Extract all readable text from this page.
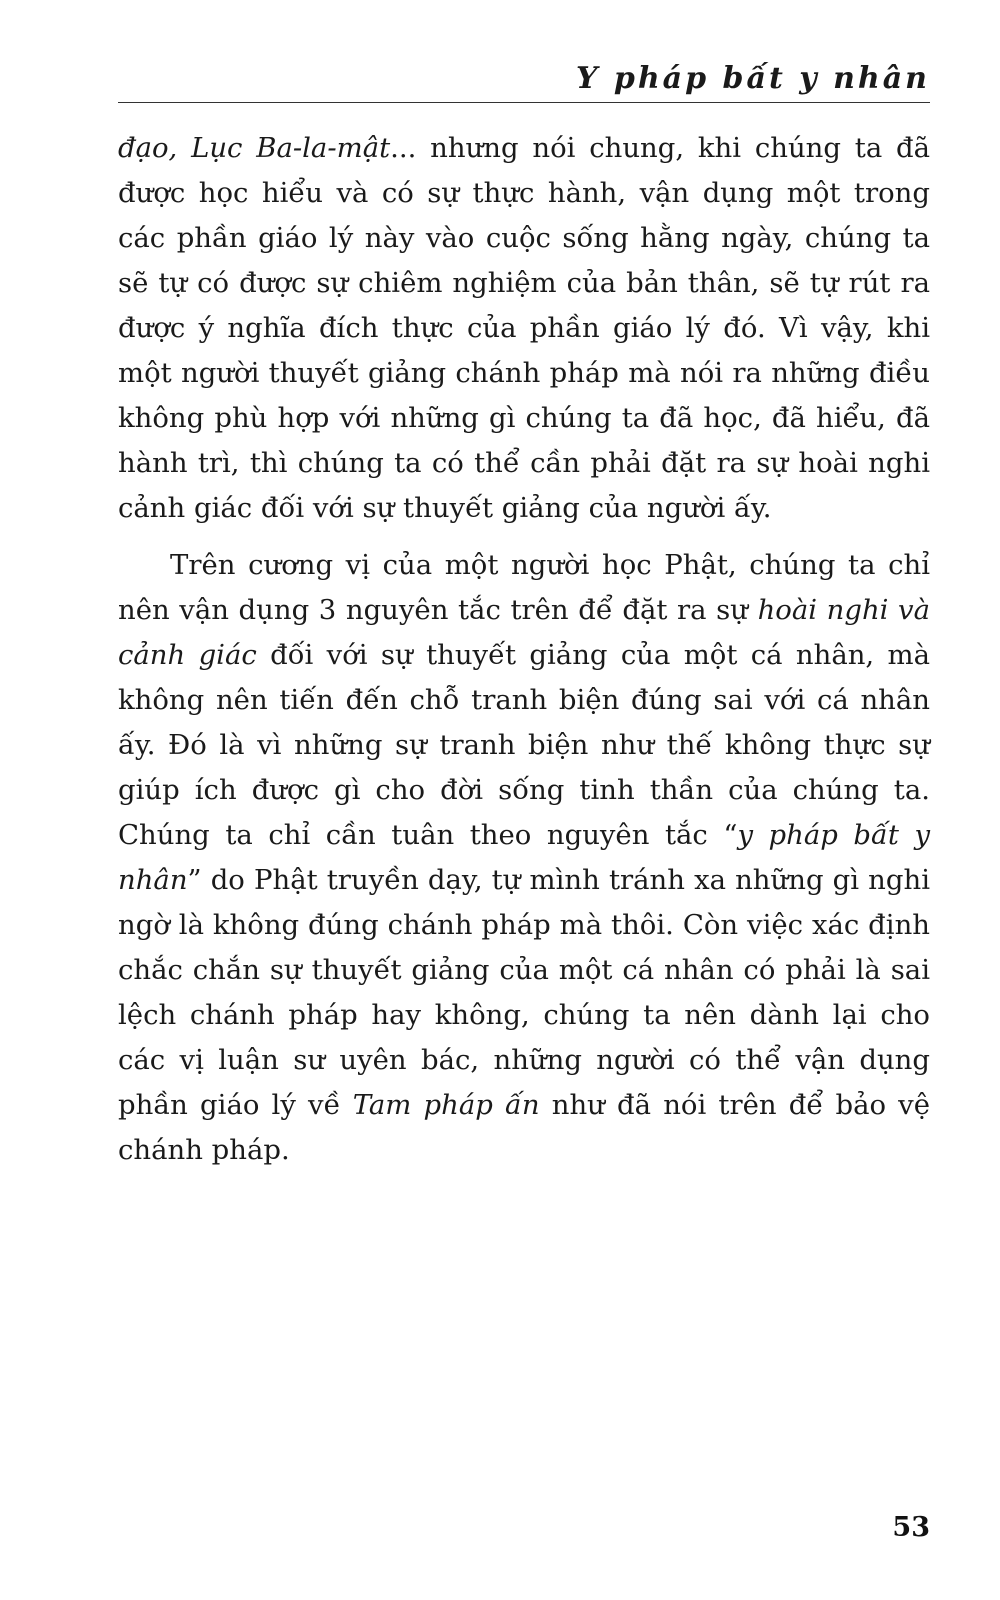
Y pháp bất y nhân

đạo, Lục Ba-la-mật... nhưng nói chung, khi chúng ta đã được học hiểu và có sự thực hành, vận dụng một trong các phần giáo lý này vào cuộc sống hằng ngày, chúng ta sẽ tự có được sự chiêm nghiệm của bản thân, sẽ tự rút ra được ý nghĩa đích thực của phần giáo lý đó. Vì vậy, khi một người thuyết giảng chánh pháp mà nói ra những điều không phù hợp với những gì chúng ta đã học, đã hiểu, đã hành trì, thì chúng ta có thể cần phải đặt ra sự hoài nghi cảnh giác đối với sự thuyết giảng của người ấy.

Trên cương vị của một người học Phật, chúng ta chỉ nên vận dụng 3 nguyên tắc trên để đặt ra sự hoài nghi và cảnh giác đối với sự thuyết giảng của một cá nhân, mà không nên tiến đến chỗ tranh biện đúng sai với cá nhân ấy. Đó là vì những sự tranh biện như thế không thực sự giúp ích được gì cho đời sống tinh thần của chúng ta. Chúng ta chỉ cần tuân theo nguyên tắc “y pháp bất y nhân” do Phật truyền dạy, tự mình tránh xa những gì nghi ngờ là không đúng chánh pháp mà thôi. Còn việc xác định chắc chắn sự thuyết giảng của một cá nhân có phải là sai lệch chánh pháp hay không, chúng ta nên dành lại cho các vị luận sư uyên bác, những người có thể vận dụng phần giáo lý về Tam pháp ấn như đã nói trên để bảo vệ chánh pháp.

53
